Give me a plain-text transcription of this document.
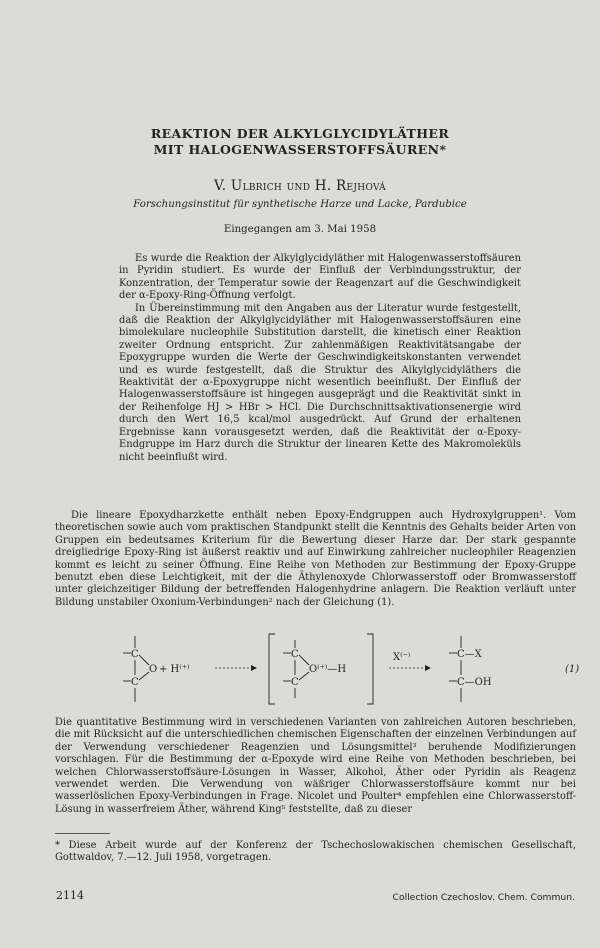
REAKTION DER ALKYLGLYCIDYLÄTHER
MIT HALOGENWASSERSTOFFSÄUREN*
V. Ulbrich und H. Rejhová
Forschungsinstitut für synthetische Harze und Lacke, Pardubice
Eingegangen am 3. Mai 1958

Es wurde die Reaktion der Alkylglycidyläther mit Halogenwasserstoffsäuren in Pyridin studiert. Es wurde der Einfluß der Verbindungsstruktur, der Konzentration, der Temperatur sowie der Reagenzart auf die Geschwindigkeit der α-Epoxy-Ring-Öffnung verfolgt.

In Übereinstimmung mit den Angaben aus der Literatur wurde festgestellt, daß die Reaktion der Alkylglycidyläther mit Halogenwasserstoffsäuren eine bimolekulare nucleophile Substitution darstellt, die kinetisch einer Reaktion zweiter Ordnung entspricht. Zur zahlenmäßigen Reaktivitätsangabe der Epoxygruppe wurden die Werte der Geschwindigkeitskonstanten verwendet und es wurde festgestellt, daß die Struktur des Alkylglycidyläthers die Reaktivität der α-Epoxygruppe nicht wesentlich beeinflußt. Der Einfluß der Halogenwasserstoffsäure ist hingegen ausgeprägt und die Reaktivität sinkt in der Reihenfolge HJ > HBr > HCl. Die Durchschnittsaktivationsenergie wird durch den Wert 16,5 kcal/mol ausgedrückt. Auf Grund der erhaltenen Ergebnisse kann vorausgesetzt werden, daß die Reaktivität der α-Epoxy-Endgruppe im Harz durch die Struktur der linearen Kette des Makromoleküls nicht beeinflußt wird.

Die lineare Epoxydharzkette enthält neben Epoxy-Endgruppen auch Hydroxylgruppen¹. Vom theoretischen sowie auch vom praktischen Standpunkt stellt die Kenntnis des Gehalts beider Arten von Gruppen ein bedeutsames Kriterium für die Bewertung dieser Harze dar. Der stark gespannte dreigliedrige Epoxy-Ring ist äußerst reaktiv und auf Einwirkung zahlreicher nucleophiler Reagenzien kommt es leicht zu seiner Öffnung. Eine Reihe von Methoden zur Bestimmung der Epoxy-Gruppe benutzt eben diese Leichtigkeit, mit der die Äthylenoxyde Chlorwasserstoff oder Bromwasserstoff unter gleichzeitiger Bildung der betreffenden Halogenhydrine anlagern. Die Reaktion verläuft unter Bildung unstabiler Oxonium-Verbindungen² nach der Gleichung (1).

C
C
O + H⁽⁺⁾
C
C
O⁽⁺⁾—H
X⁽⁻⁾	C—X
C—OH
(1)

Die quantitative Bestimmung wird in verschiedenen Varianten von zahlreichen Autoren beschrieben, die mit Rücksicht auf die unterschiedlichen chemischen Eigenschaften der einzelnen Verbindungen auf der Verwendung verschiedener Reagenzien und Lösungsmittel³ beruhende Modifizierungen vorschlagen. Für die Bestimmung der α-Epoxyde wird eine Reihe von Methoden beschrieben, bei welchen Chlorwasserstoffsäure-Lösungen in Wasser, Alkohol, Äther oder Pyridin als Reagenz verwendet werden. Die Verwendung von wäßriger Chlorwasserstoffsäure kommt nur bei wasserlöslichen Epoxy-Verbindungen in Frage. Nicolet und Poulter⁴ empfehlen eine Chlorwasserstoff-Lösung in wasserfreiem Äther, während King⁵ feststellte, daß zu dieser

* Diese Arbeit wurde auf der Konferenz der Tschechoslowakischen chemischen Gesellschaft, Gottwaldov, 7.—12. Juli 1958, vorgetragen.
2114	Collection Czechoslov. Chem. Commun.
